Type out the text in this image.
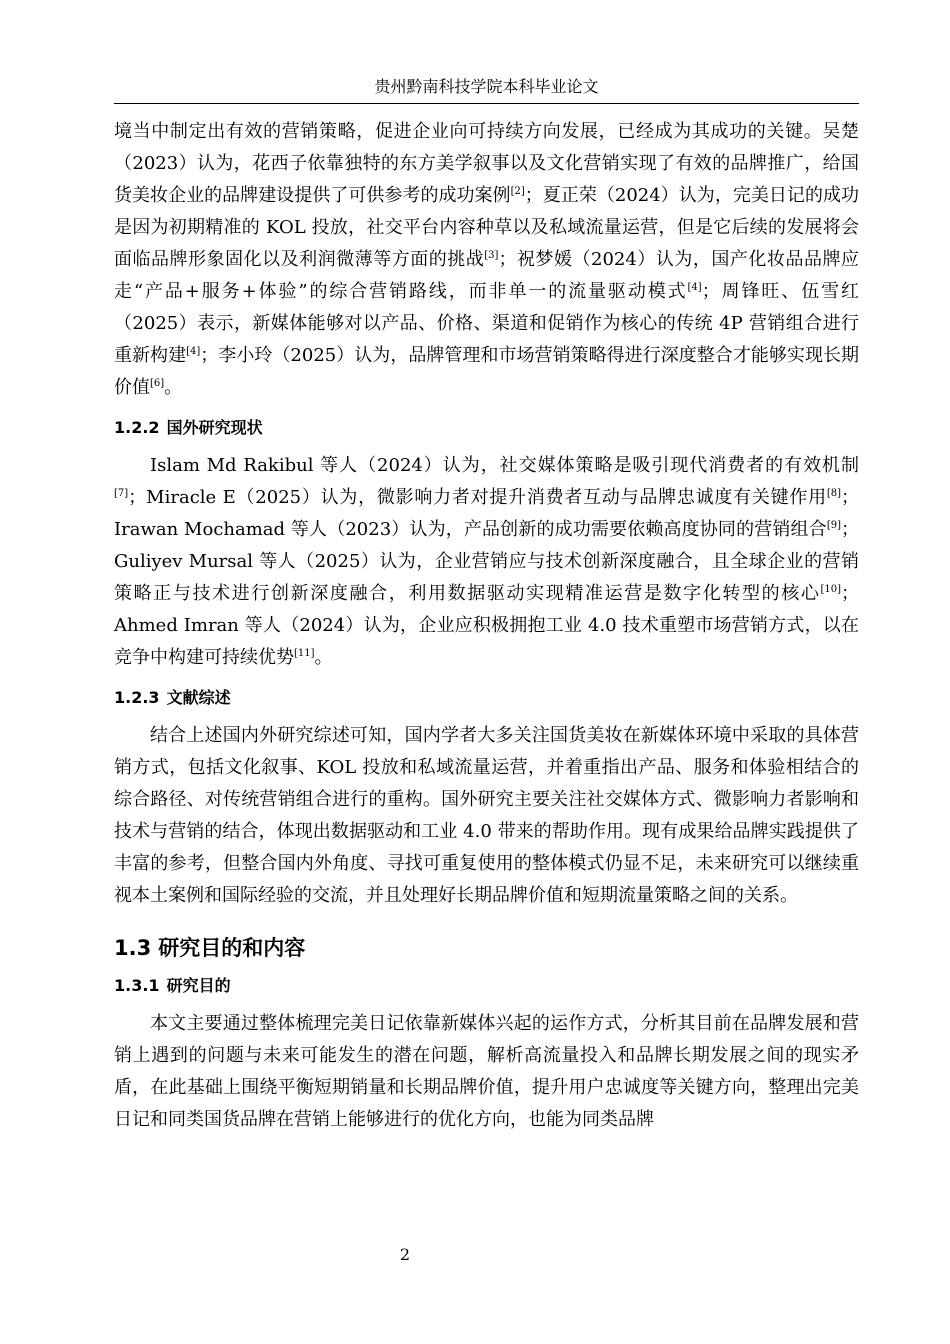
贵州黔南科技学院本科毕业论文

境当中制定出有效的营销策略，促进企业向可持续方向发展，已经成为其成功的关键。吴楚（2023）认为，花西子依靠独特的东方美学叙事以及文化营销实现了有效的品牌推广，给国货美妆企业的品牌建设提供了可供参考的成功案例[2]；夏正荣（2024）认为，完美日记的成功是因为初期精准的 KOL 投放，社交平台内容种草以及私域流量运营，但是它后续的发展将会面临品牌形象固化以及利润微薄等方面的挑战[3]；祝梦媛（2024）认为，国产化妆品品牌应走“产品+服务+体验”的综合营销路线，而非单一的流量驱动模式[4]；周锋旺、伍雪红（2025）表示，新媒体能够对以产品、价格、渠道和促销作为核心的传统 4P 营销组合进行重新构建[4]；李小玲（2025）认为，品牌管理和市场营销策略得进行深度整合才能够实现长期价值[6]。

1.2.2 国外研究现状

Islam Md Rakibul 等人（2024）认为，社交媒体策略是吸引现代消费者的有效机制[7]；Miracle E（2025）认为，微影响力者对提升消费者互动与品牌忠诚度有关键作用[8]；Irawan Mochamad 等人（2023）认为，产品创新的成功需要依赖高度协同的营销组合[9]；Guliyev Mursal 等人（2025）认为，企业营销应与技术创新深度融合，且全球企业的营销策略正与技术进行创新深度融合，利用数据驱动实现精准运营是数字化转型的核心[10]；Ahmed Imran 等人（2024）认为，企业应积极拥抱工业 4.0 技术重塑市场营销方式，以在竞争中构建可持续优势[11]。

1.2.3 文献综述

结合上述国内外研究综述可知，国内学者大多关注国货美妆在新媒体环境中采取的具体营销方式，包括文化叙事、KOL 投放和私域流量运营，并着重指出产品、服务和体验相结合的综合路径、对传统营销组合进行的重构。国外研究主要关注社交媒体方式、微影响力者影响和技术与营销的结合，体现出数据驱动和工业 4.0 带来的帮助作用。现有成果给品牌实践提供了丰富的参考，但整合国内外角度、寻找可重复使用的整体模式仍显不足，未来研究可以继续重视本土案例和国际经验的交流，并且处理好长期品牌价值和短期流量策略之间的关系。

1.3 研究目的和内容
1.3.1 研究目的

本文主要通过整体梳理完美日记依靠新媒体兴起的运作方式，分析其目前在品牌发展和营销上遇到的问题与未来可能发生的潜在问题，解析高流量投入和品牌长期发展之间的现实矛盾，在此基础上围绕平衡短期销量和长期品牌价值，提升用户忠诚度等关键方向，整理出完美日记和同类国货品牌在营销上能够进行的优化方向，也能为同类品牌

2
